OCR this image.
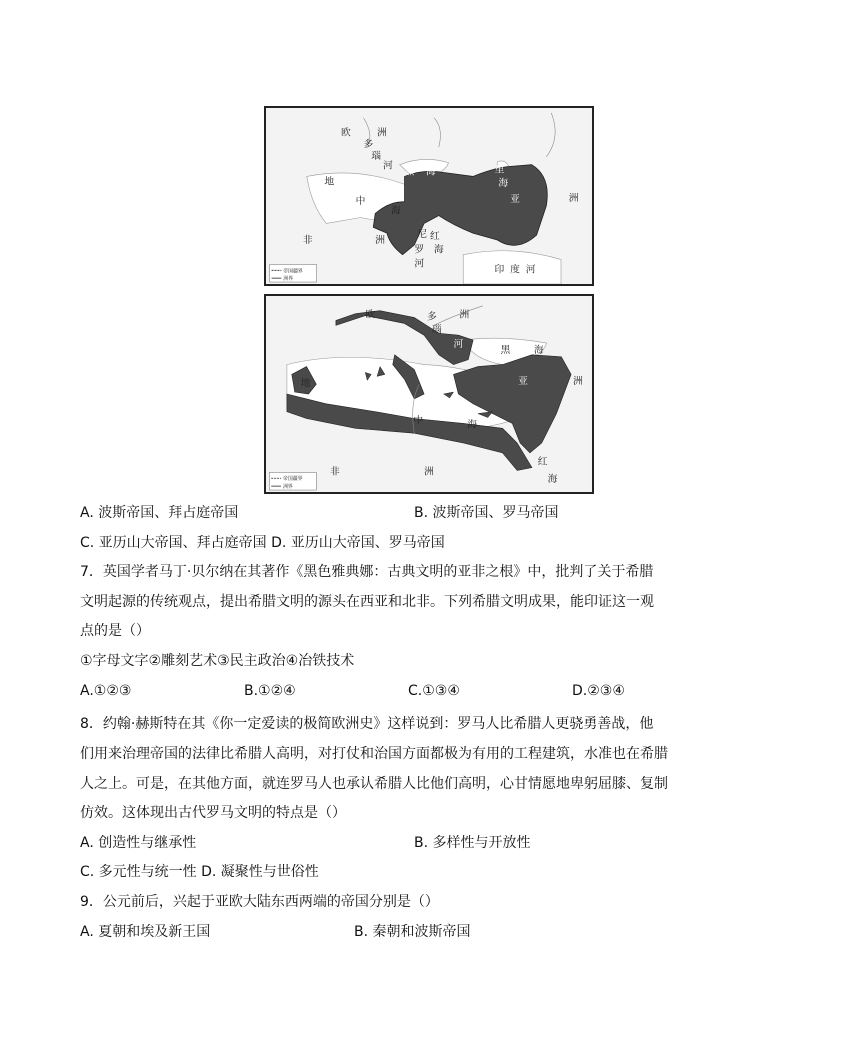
欧	洲
多
瑙
河
黑 海	里
海
亚	洲
地
中
海
非	洲
尼
罗
河
红
海
印 度 河
帝国疆界
洲界
欧	洲
多
瑙
河
黑 海
亚	洲
地
中	海
非	洲
红
海
帝国疆界
洲界
A. 波斯帝国、拜占庭帝国	B. 波斯帝国、罗马帝国
C. 亚历山大帝国、拜占庭帝国 D. 亚历山大帝国、罗马帝国
7．英国学者马丁·贝尔纳在其著作《黑色雅典娜：古典文明的亚非之根》中，批判了关于希腊
文明起源的传统观点，提出希腊文明的源头在西亚和北非。下列希腊文明成果，能印证这一观
点的是（）
①字母文字②雕刻艺术③民主政治④冶铁技术
A.①②③	B.①②④	C.①③④	D.②③④
8．约翰·赫斯特在其《你一定爱读的极简欧洲史》这样说到：罗马人比希腊人更骁勇善战，他
们用来治理帝国的法律比希腊人高明，对打仗和治国方面都极为有用的工程建筑，水准也在希腊
人之上。可是，在其他方面，就连罗马人也承认希腊人比他们高明，心甘情愿地卑躬屈膝、复制
仿效。这体现出古代罗马文明的特点是（）
A. 创造性与继承性	B. 多样性与开放性
C. 多元性与统一性 D. 凝聚性与世俗性
9．公元前后，兴起于亚欧大陆东西两端的帝国分别是（）
A. 夏朝和埃及新王国	B. 秦朝和波斯帝国
